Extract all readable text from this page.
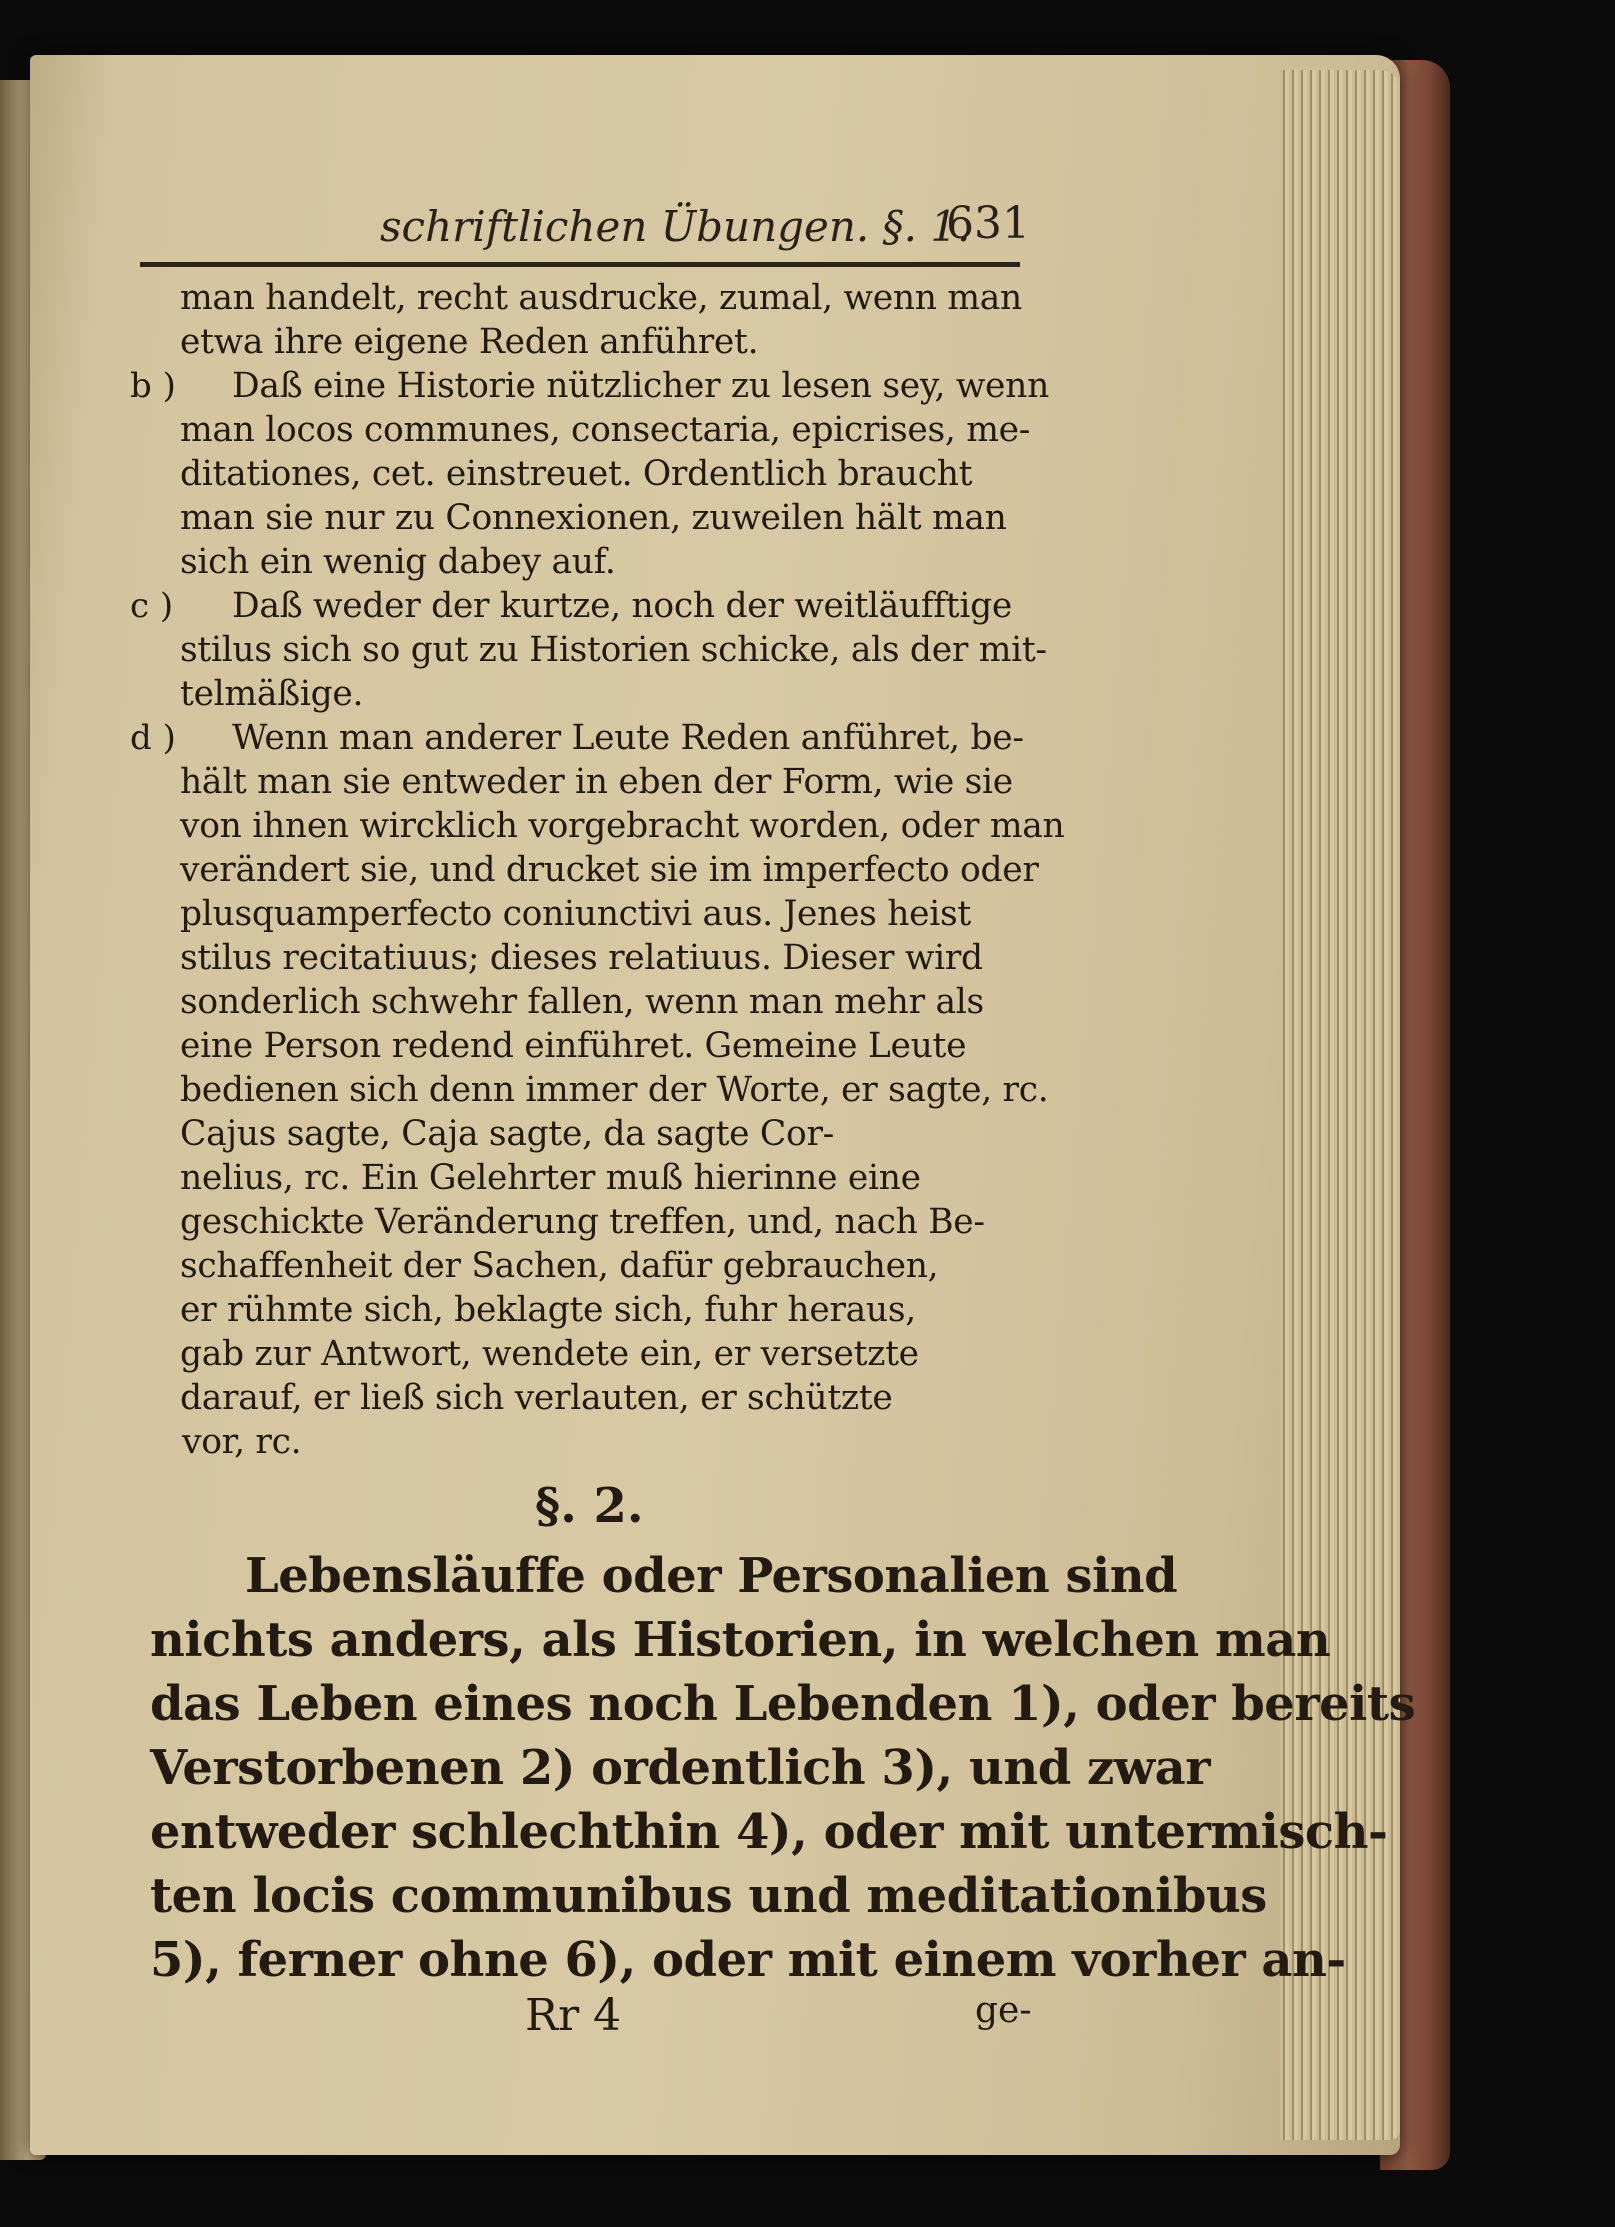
schriftlichen Übungen. §. 1.
631
man handelt, recht ausdrucke, zumal, wenn man
etwa ihre eigene Reden anführet.
b ) Daß eine Historie nützlicher zu lesen sey, wenn
man locos communes, consectaria, epicrises, me-
ditationes, cet. einstreuet. Ordentlich braucht
man sie nur zu Connexionen, zuweilen hält man
sich ein wenig dabey auf.
c ) Daß weder der kurtze, noch der weitläufftige
stilus sich so gut zu Historien schicke, als der mit-
telmäßige.
d ) Wenn man anderer Leute Reden anführet, be-
hält man sie entweder in eben der Form, wie sie
von ihnen wircklich vorgebracht worden, oder man
verändert sie, und drucket sie im imperfecto oder
plusquamperfecto coniunctivi aus. Jenes heist
stilus recitatiuus; dieses relatiuus. Dieser wird
sonderlich schwehr fallen, wenn man mehr als
eine Person redend einführet. Gemeine Leute
bedienen sich denn immer der Worte, er sagte, rc.
Cajus sagte, Caja sagte, da sagte Cor-
nelius, rc. Ein Gelehrter muß hierinne eine
geschickte Veränderung treffen, und, nach Be-
schaffenheit der Sachen, dafür gebrauchen,
er rühmte sich, beklagte sich, fuhr heraus,
gab zur Antwort, wendete ein, er versetzte
darauf, er ließ sich verlauten, er schützte
§. 2.
Lebensläuffe oder Personalien sind
nichts anders, als Historien, in welchen man
das Leben eines noch Lebenden 1), oder bereits
Verstorbenen 2) ordentlich 3), und zwar
entweder schlechthin 4), oder mit untermisch-
ten locis communibus und meditationibus
5), ferner ohne 6), oder mit einem vorher an-
Rr 4	ge-
vor, rc.
